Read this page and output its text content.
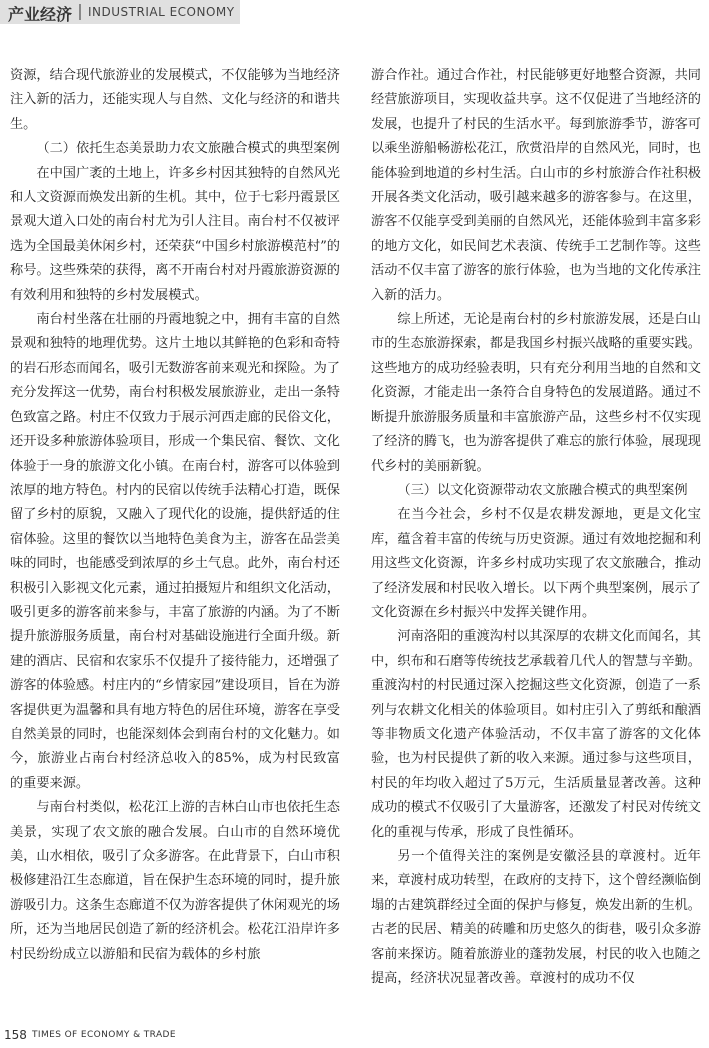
产业经济 INDUSTRIAL ECONOMY

资源，结合现代旅游业的发展模式，不仅能够为当地经济注入新的活力，还能实现人与自然、文化与经济的和谐共生。

（二）依托生态美景助力农文旅融合模式的典型案例

在中国广袤的土地上，许多乡村因其独特的自然风光和人文资源而焕发出新的生机。其中，位于七彩丹霞景区景观大道入口处的南台村尤为引人注目。南台村不仅被评选为全国最美休闲乡村，还荣获“中国乡村旅游模范村”的称号。这些殊荣的获得，离不开南台村对丹霞旅游资源的有效利用和独特的乡村发展模式。

南台村坐落在壮丽的丹霞地貌之中，拥有丰富的自然景观和独特的地理优势。这片土地以其鲜艳的色彩和奇特的岩石形态而闻名，吸引无数游客前来观光和探险。为了充分发挥这一优势，南台村积极发展旅游业，走出一条特色致富之路。村庄不仅致力于展示河西走廊的民俗文化，还开设多种旅游体验项目，形成一个集民宿、餐饮、文化体验于一身的旅游文化小镇。在南台村，游客可以体验到浓厚的地方特色。村内的民宿以传统手法精心打造，既保留了乡村的原貌，又融入了现代化的设施，提供舒适的住宿体验。这里的餐饮以当地特色美食为主，游客在品尝美味的同时，也能感受到浓厚的乡土气息。此外，南台村还积极引入影视文化元素，通过拍摄短片和组织文化活动，吸引更多的游客前来参与，丰富了旅游的内涵。为了不断提升旅游服务质量，南台村对基础设施进行全面升级。新建的酒店、民宿和农家乐不仅提升了接待能力，还增强了游客的体验感。村庄内的“乡情家园”建设项目，旨在为游客提供更为温馨和具有地方特色的居住环境，游客在享受自然美景的同时，也能深刻体会到南台村的文化魅力。如今，旅游业占南台村经济总收入的85%，成为村民致富的重要来源。

与南台村类似，松花江上游的吉林白山市也依托生态美景，实现了农文旅的融合发展。白山市的自然环境优美，山水相依，吸引了众多游客。在此背景下，白山市积极修建沿江生态廊道，旨在保护生态环境的同时，提升旅游吸引力。这条生态廊道不仅为游客提供了休闲观光的场所，还为当地居民创造了新的经济机会。松花江沿岸许多村民纷纷成立以游船和民宿为载体的乡村旅

游合作社。通过合作社，村民能够更好地整合资源，共同经营旅游项目，实现收益共享。这不仅促进了当地经济的发展，也提升了村民的生活水平。每到旅游季节，游客可以乘坐游船畅游松花江，欣赏沿岸的自然风光，同时，也能体验到地道的乡村生活。白山市的乡村旅游合作社积极开展各类文化活动，吸引越来越多的游客参与。在这里，游客不仅能享受到美丽的自然风光，还能体验到丰富多彩的地方文化，如民间艺术表演、传统手工艺制作等。这些活动不仅丰富了游客的旅行体验，也为当地的文化传承注入新的活力。

综上所述，无论是南台村的乡村旅游发展，还是白山市的生态旅游探索，都是我国乡村振兴战略的重要实践。这些地方的成功经验表明，只有充分利用当地的自然和文化资源，才能走出一条符合自身特色的发展道路。通过不断提升旅游服务质量和丰富旅游产品，这些乡村不仅实现了经济的腾飞，也为游客提供了难忘的旅行体验，展现现代乡村的美丽新貌。

（三）以文化资源带动农文旅融合模式的典型案例

在当今社会，乡村不仅是农耕发源地，更是文化宝库，蕴含着丰富的传统与历史资源。通过有效地挖掘和利用这些文化资源，许多乡村成功实现了农文旅融合，推动了经济发展和村民收入增长。以下两个典型案例，展示了文化资源在乡村振兴中发挥关键作用。

河南洛阳的重渡沟村以其深厚的农耕文化而闻名，其中，织布和石磨等传统技艺承载着几代人的智慧与辛勤。重渡沟村的村民通过深入挖掘这些文化资源，创造了一系列与农耕文化相关的体验项目。如村庄引入了剪纸和酿酒等非物质文化遗产体验活动，不仅丰富了游客的文化体验，也为村民提供了新的收入来源。通过参与这些项目，村民的年均收入超过了5万元，生活质量显著改善。这种成功的模式不仅吸引了大量游客，还激发了村民对传统文化的重视与传承，形成了良性循环。

另一个值得关注的案例是安徽泾县的章渡村。近年来，章渡村成功转型，在政府的支持下，这个曾经濒临倒塌的古建筑群经过全面的保护与修复，焕发出新的生机。古老的民居、精美的砖雕和历史悠久的街巷，吸引众多游客前来探访。随着旅游业的蓬勃发展，村民的收入也随之提高，经济状况显著改善。章渡村的成功不仅

158 TIMES OF ECONOMY & TRADE
